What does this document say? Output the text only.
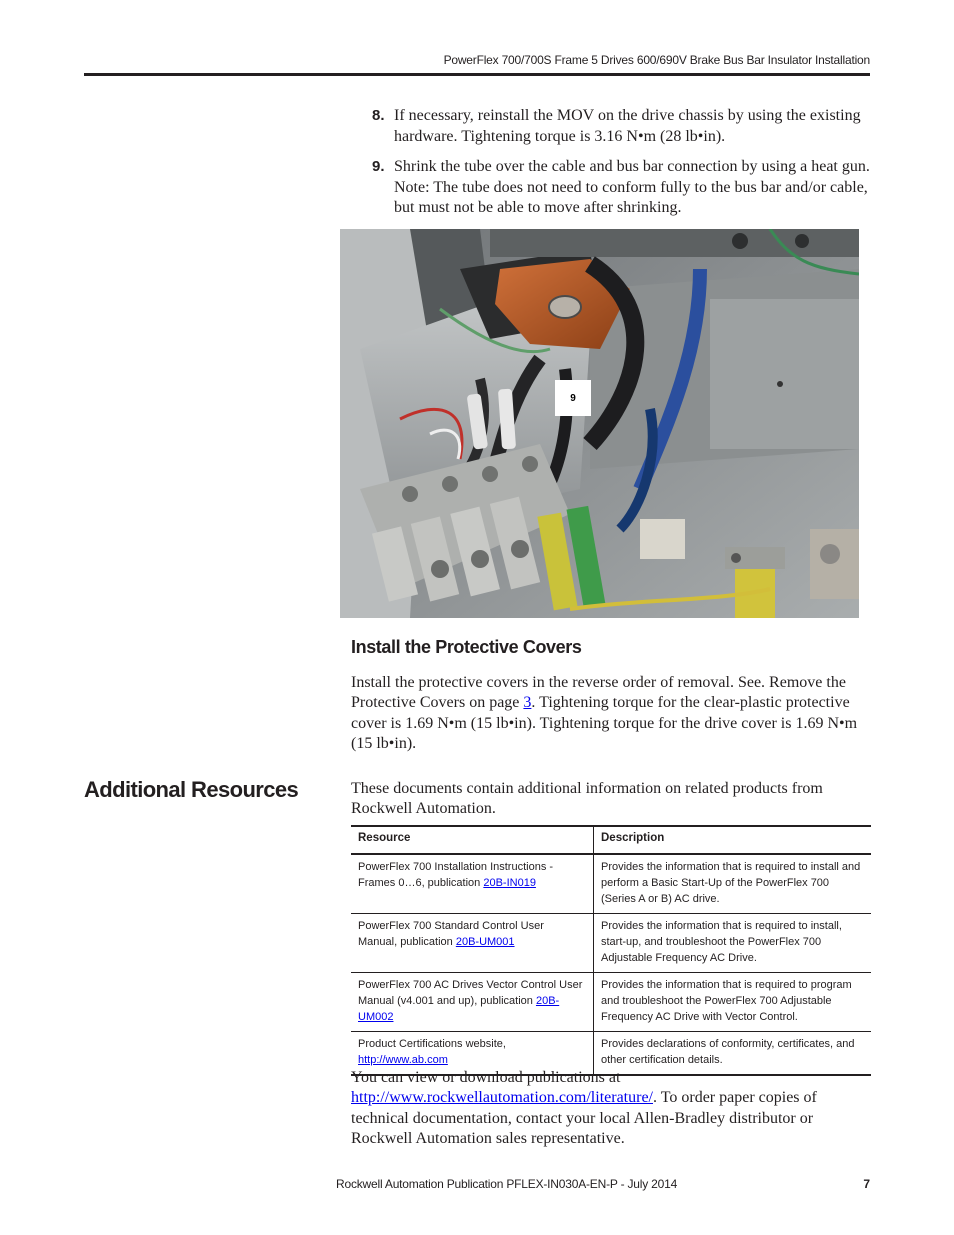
PowerFlex 700/700S Frame 5 Drives 600/690V Brake Bus Bar Insulator Installation
8. If necessary, reinstall the MOV on the drive chassis by using the existing hardware. Tightening torque is 3.16 N•m (28 lb•in).
9. Shrink the tube over the cable and bus bar connection by using a heat gun. Note: The tube does not need to conform fully to the bus bar and/or cable, but must not be able to move after shrinking.
9
Install the Protective Covers

Install the protective covers in the reverse order of removal. See. Remove the Protective Covers on page 3. Tightening torque for the clear-plastic protective cover is 1.69 N•m (15 lb•in). Tightening torque for the drive cover is 1.69 N•m (15 lb•in).

Additional Resources	These documents contain additional information on related products from Rockwell Automation.

Resource	Description
PowerFlex 700 Installation Instructions - Frames 0…6, publication 20B-IN019	Provides the information that is required to install and perform a Basic Start-Up of the PowerFlex 700 (Series A or B) AC drive.
PowerFlex 700 Standard Control User Manual, publication 20B-UM001	Provides the information that is required to install, start-up, and troubleshoot the PowerFlex 700 Adjustable Frequency AC Drive.
PowerFlex 700 AC Drives Vector Control User Manual (v4.001 and up), publication 20B-UM002	Provides the information that is required to program and troubleshoot the PowerFlex 700 Adjustable Frequency AC Drive with Vector Control.
Product Certifications website, http://www.ab.com	Provides declarations of conformity, certificates, and other certification details.

You can view or download publications at http://www.rockwellautomation.com/literature/. To order paper copies of technical documentation, contact your local Allen-Bradley distributor or Rockwell Automation sales representative.

Rockwell Automation Publication PFLEX-IN030A-EN-P - July 2014	7
